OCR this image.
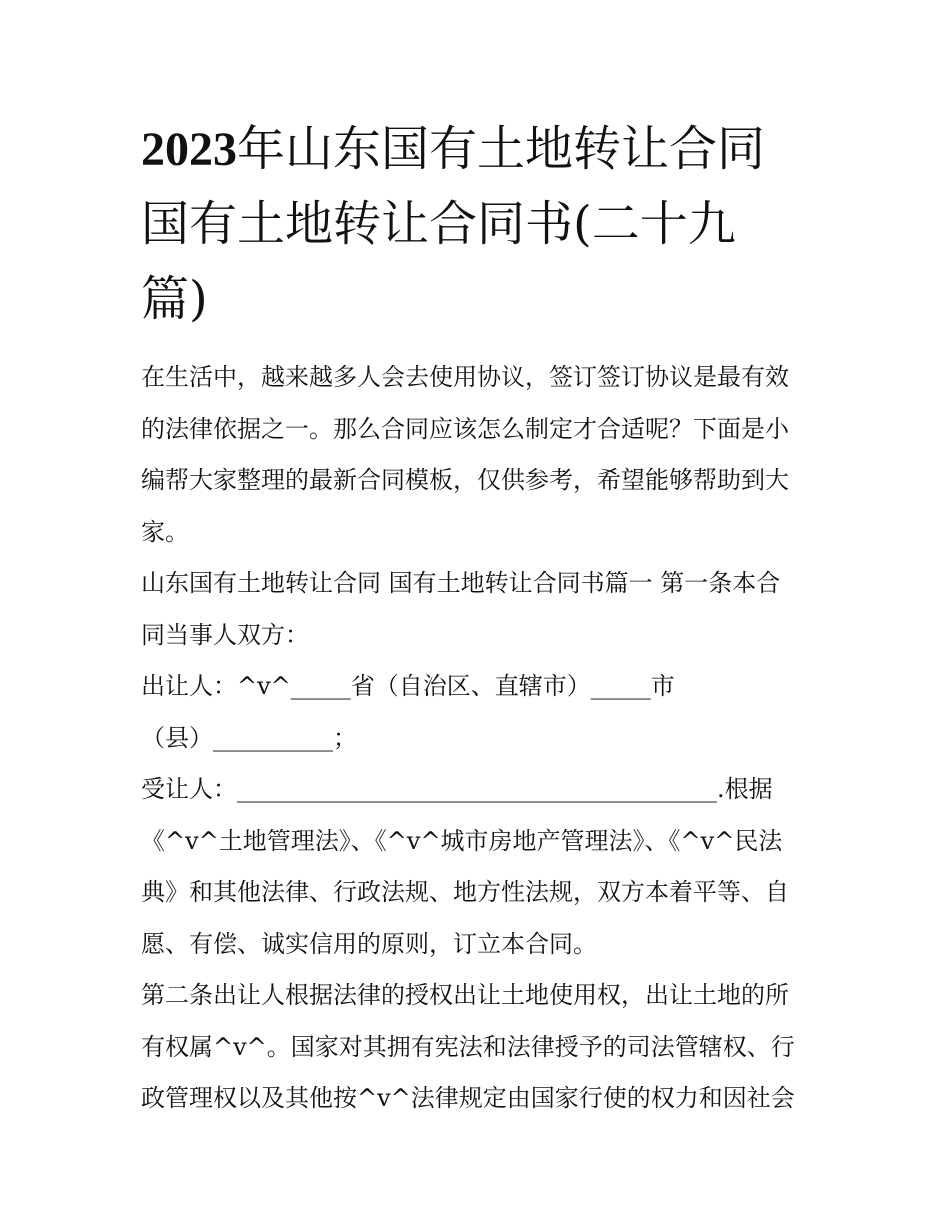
2023年山东国有土地转让合同
国有土地转让合同书(二十九
篇)
在生活中，越来越多人会去使用协议，签订签订协议是最有效
的法律依据之一。那么合同应该怎么制定才合适呢？下面是小
编帮大家整理的最新合同模板，仅供参考，希望能够帮助到大
家。
山东国有土地转让合同 国有土地转让合同书篇一 第一条本合
同当事人双方：
出让人：^v^_____省（自治区、直辖市）_____市
（县）__________；
受让人：________________________________________.根据
《^v^土地管理法》、《^v^城市房地产管理法》、《^v^民法
典》和其他法律、行政法规、地方性法规，双方本着平等、自
愿、有偿、诚实信用的原则，订立本合同。
第二条出让人根据法律的授权出让土地使用权，出让土地的所
有权属^v^。国家对其拥有宪法和法律授予的司法管辖权、行
政管理权以及其他按^v^法律规定由国家行使的权力和因社会
